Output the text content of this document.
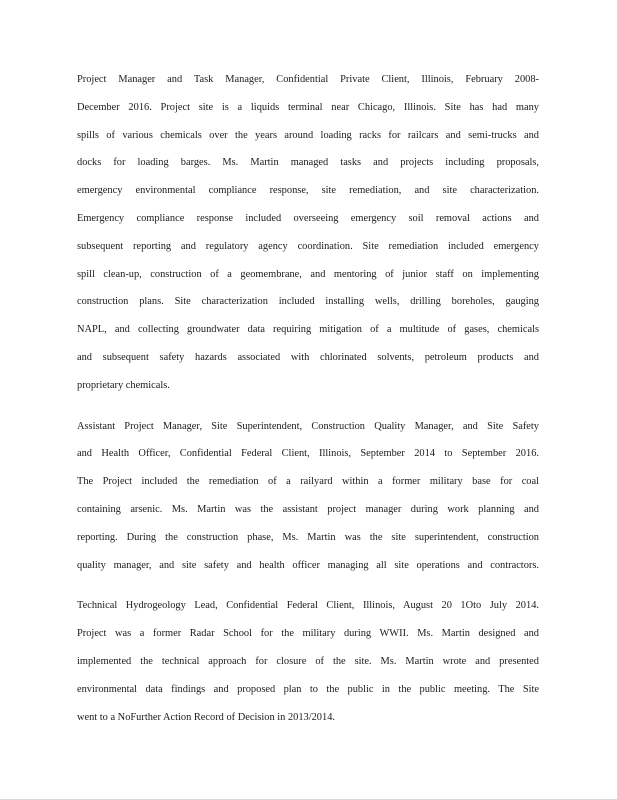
Project Manager and Task Manager, Confidential Private Client, Illinois, February 2008-
December 2016. Project site is a liquids terminal near Chicago, Illinois. Site has had many
spills of various chemicals over the years around loading racks for railcars and semi-trucks and
docks for loading barges. Ms. Martin managed tasks and projects including proposals,
emergency environmental compliance response, site remediation, and site characterization.
Emergency compliance response included overseeing emergency soil removal actions and
subsequent reporting and regulatory agency coordination. Site remediation included emergency
spill clean-up, construction of a geomembrane, and mentoring of junior staff on implementing
construction plans. Site characterization included installing wells, drilling boreholes, gauging
NAPL, and collecting groundwater data requiring mitigation of a multitude of gases, chemicals
and subsequent safety hazards associated with chlorinated solvents, petroleum products and
proprietary chemicals.
Assistant Project Manager, Site Superintendent, Construction Quality Manager, and Site Safety
and Health Officer, Confidential Federal Client, Illinois, September 2014 to September 2016.
The Project included the remediation of a railyard within a former military base for coal
containing arsenic. Ms. Martin was the assistant project manager during work planning and
reporting. During the construction phase, Ms. Martin was the site superintendent, construction
quality manager, and site safety and health officer managing all site operations and contractors.
Technical Hydrogeology Lead, Confidential Federal Client, Illinois, August 20 1Oto July 2014.
Project was a former Radar School for the military during WWII. Ms. Martin designed and
implemented the technical approach for closure of the site. Ms. Martin wrote and presented
environmental data findings and proposed plan to the public in the public meeting. The Site
went to a NoFurther Action Record of Decision in 2013/2014.
